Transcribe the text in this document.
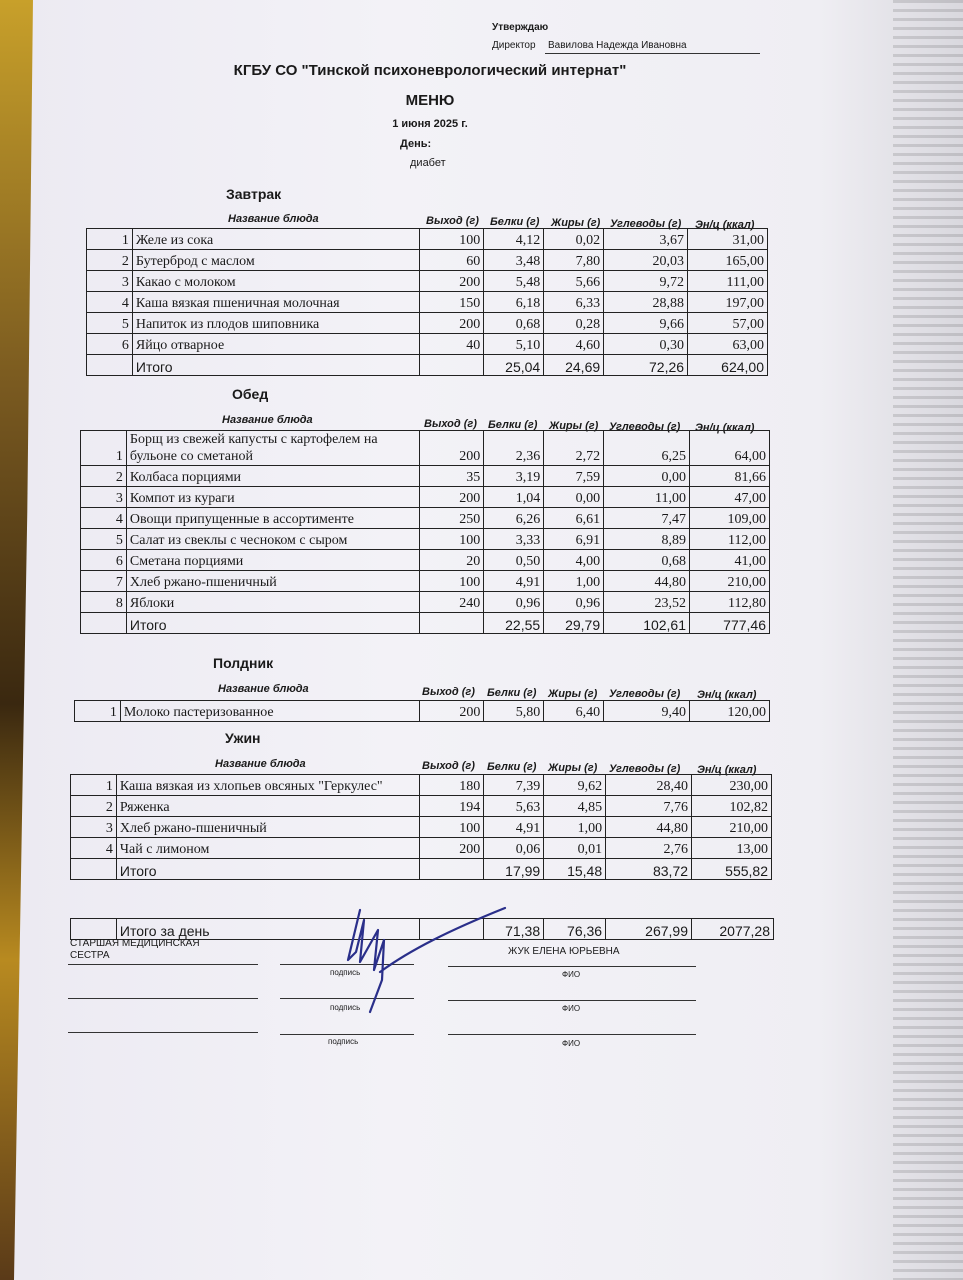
Утверждаю
Директор Вавилова Надежда Ивановна
КГБУ СО "Тинской психоневрологический интернат"
МЕНЮ
1 июня 2025 г.
День:
диабет
Завтрак
Название блюда	Выход (г) Белки (г) Жиры (г) Углеводы (г) Эн/ц (ккал)
1	Желе из сока	100	4,12	0,02	3,67	31,00
2	Бутерброд с маслом	60	3,48	7,80	20,03	165,00
3	Какао с молоком	200	5,48	5,66	9,72	111,00
4	Каша вязкая пшеничная молочная	150	6,18	6,33	28,88	197,00
5	Напиток из плодов шиповника	200	0,68	0,28	9,66	57,00
6	Яйцо отварное	40	5,10	4,60	0,30	63,00
	Итого		25,04	24,69	72,26	624,00
Обед
Название блюда	Выход (г) Белки (г) Жиры (г) Углеводы (г) Эн/ц (ккал)
1	Борщ из свежей капусты с картофелем на бульоне со сметаной	200	2,36	2,72	6,25	64,00
2	Колбаса порциями	35	3,19	7,59	0,00	81,66
3	Компот из кураги	200	1,04	0,00	11,00	47,00
4	Овощи припущенные в ассортименте	250	6,26	6,61	7,47	109,00
5	Салат из свеклы с чесноком с сыром	100	3,33	6,91	8,89	112,00
6	Сметана порциями	20	0,50	4,00	0,68	41,00
7	Хлеб ржано-пшеничный	100	4,91	1,00	44,80	210,00
8	Яблоки	240	0,96	0,96	23,52	112,80
	Итого		22,55	29,79	102,61	777,46
Полдник
Название блюда	Выход (г) Белки (г) Жиры (г) Углеводы (г) Эн/ц (ккал)
1	Молоко пастеризованное	200	5,80	6,40	9,40	120,00
Ужин
Название блюда	Выход (г) Белки (г) Жиры (г) Углеводы (г) Эн/ц (ккал)
1	Каша вязкая из хлопьев овсяных "Геркулес"	180	7,39	9,62	28,40	230,00
2	Ряженка	194	5,63	4,85	7,76	102,82
3	Хлеб ржано-пшеничный	100	4,91	1,00	44,80	210,00
4	Чай с лимоном	200	0,06	0,01	2,76	13,00
	Итого		17,99	15,48	83,72	555,82
	Итого за день		71,38	76,36	267,99	2077,28
СТАРШАЯ МЕДИЦИНСКАЯ
СЕСТРА	ЖУК ЕЛЕНА ЮРЬЕВНА
подпись	ФИО
подпись	ФИО
подпись	ФИО
